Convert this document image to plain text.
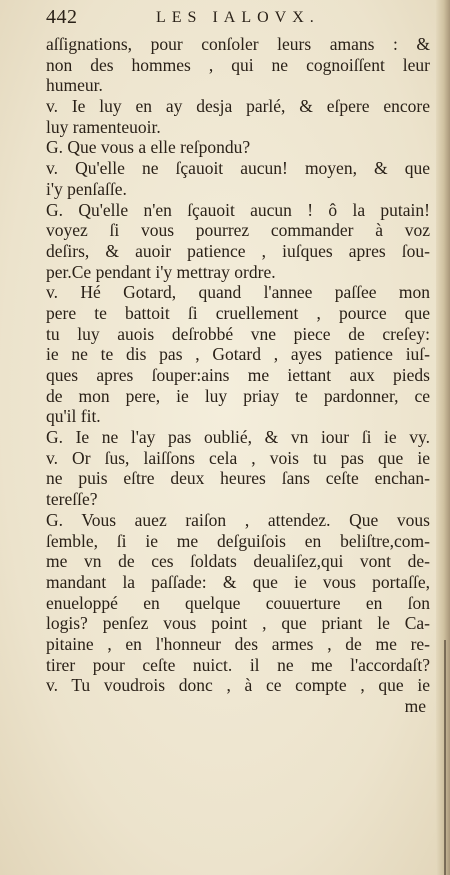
442	LES IALOVX.
aſſignations, pour conſoler leurs amans : &
non des hommes , qui ne cognoiſſent leur
humeur.
v. Ie luy en ay desja parlé, & eſpere encore
luy ramenteuoir.
G. Que vous a elle reſpondu?
v. Qu'elle ne ſçauoit aucun! moyen, & que
i'y penſaſſe.
G. Qu'elle n'en ſçauoit aucun ! ô la putain!
voyez ſi vous pourrez commander à voz
deſirs, & auoir patience , iuſques apres ſou-
per.Ce pendant i'y mettray ordre.
v. Hé Gotard, quand l'annee paſſee mon
pere te battoit ſi cruellement , pource que
tu luy auois deſrobbé vne piece de creſey:
ie ne te dis pas , Gotard , ayes patience iuſ-
ques apres ſouper:ains me iettant aux pieds
de mon pere, ie luy priay te pardonner, ce
qu'il fit.
G. Ie ne l'ay pas oublié, & vn iour ſi ie vy.
v. Or ſus, laiſſons cela , vois tu pas que ie
ne puis eſtre deux heures ſans ceſte enchan-
tereſſe?
G. Vous auez raiſon , attendez. Que vous
ſemble, ſi ie me deſguiſois en beliſtre,com-
me vn de ces ſoldats deualiſez,qui vont de-
mandant la paſſade: & que ie vous portaſſe,
enueloppé en quelque couuerture en ſon
logis? penſez vous point , que priant le Ca-
pitaine , en l'honneur des armes , de me re-
tirer pour ceſte nuict. il ne me l'accordaſt?
v. Tu voudrois donc , à ce compte , que ie
me
